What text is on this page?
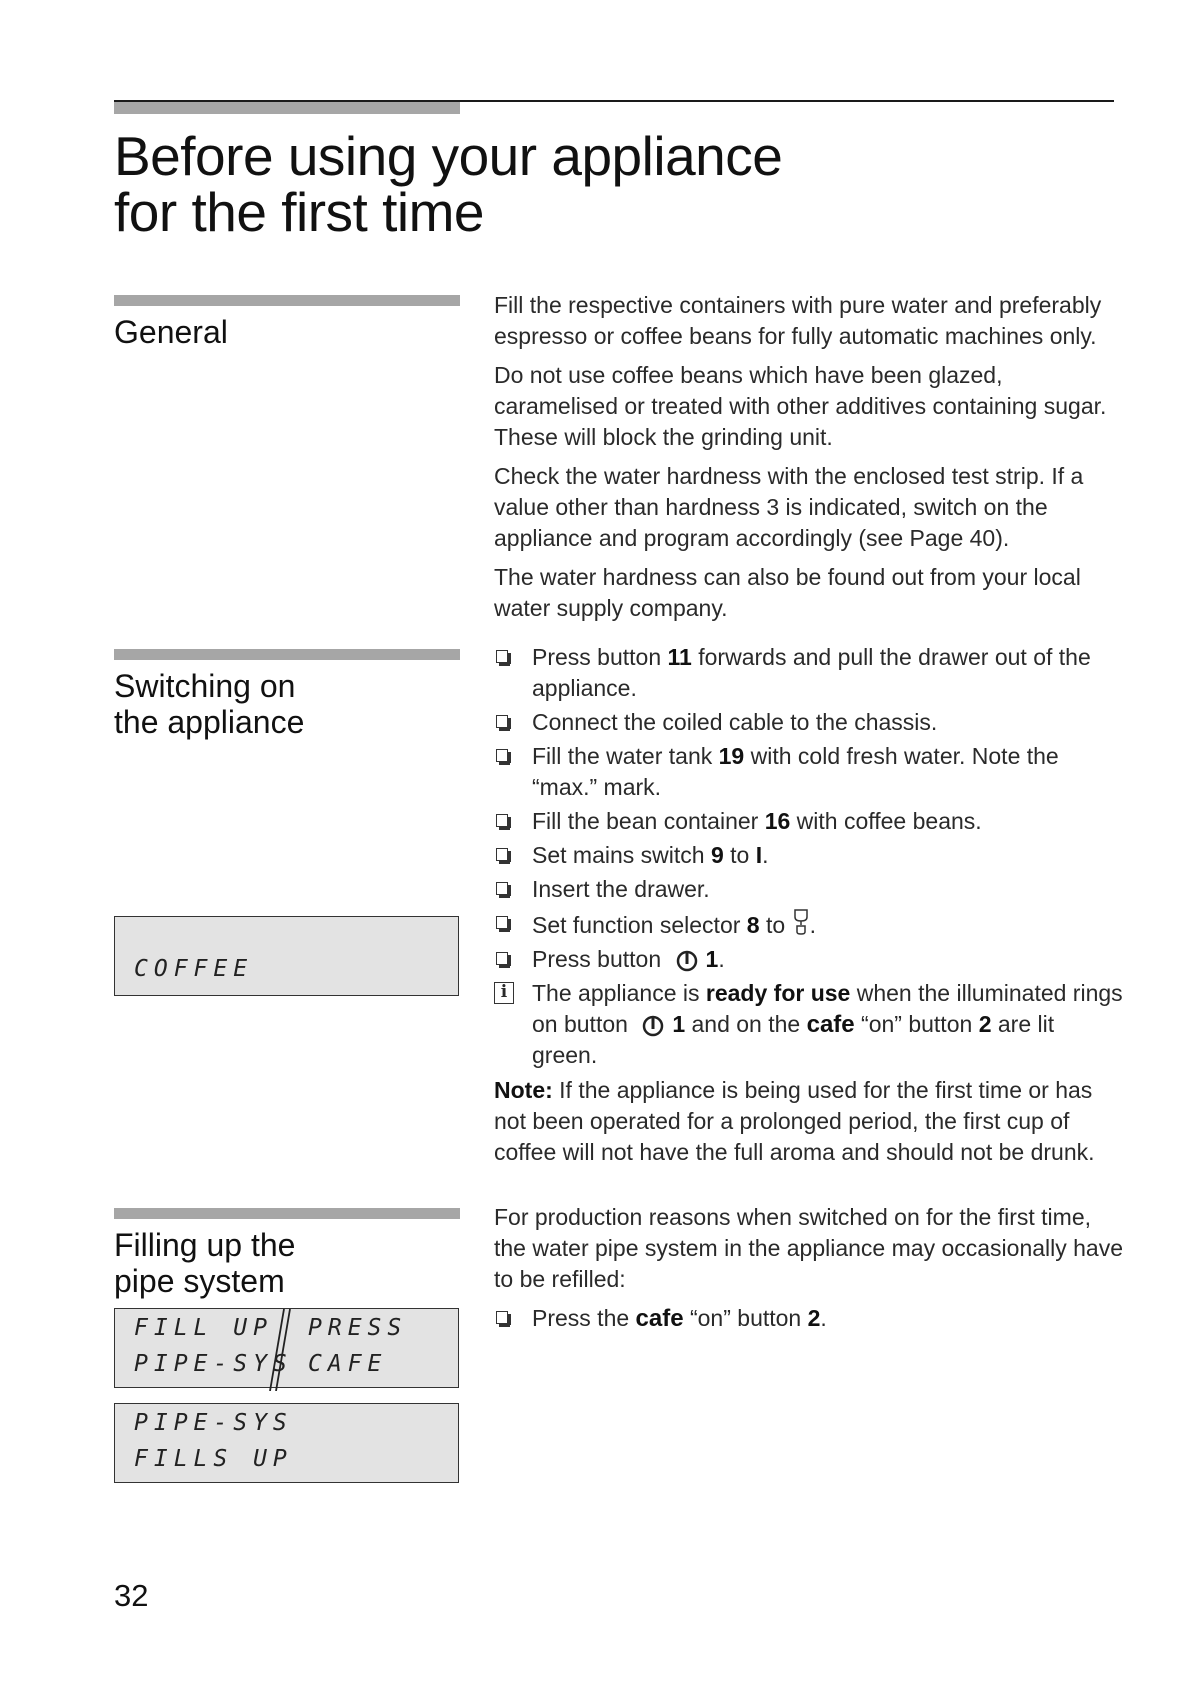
Before using your appliance
for the first time
General

Fill the respective containers with pure water and preferably espresso or coffee beans for fully automatic machines only.

Do not use coffee beans which have been glazed, caramelised or treated with other additives containing sugar. These will block the grinding unit.

Check the water hardness with the enclosed test strip. If a value other than hardness 3 is indicated, switch on the appliance and program accordingly (see Page 40).

The water hardness can also be found out from your local water supply company.

Switching on
the appliance
COFFEE
Press button 11 forwards and pull the drawer out of the appliance.
Connect the coiled cable to the chassis.
Fill the water tank 19 with cold fresh water. Note the “max.” mark.
Fill the bean container 16 with coffee beans.
Set mains switch 9 to I.
Insert the drawer.
Set function selector 8 to .
Press button 1.
i The appliance is ready for use when the illuminated rings on button 1 and on the cafe “on” button 2 are lit green.

Note: If the appliance is being used for the first time or has not been operated for a prolonged period, the first cup of coffee will not have the full aroma and should not be drunk.

Filling up the
pipe system
FILL UP
PIPE-SYS
PRESS
CAFE
PIPE-SYS
FILLS UP

For production reasons when switched on for the first time, the water pipe system in the appliance may occasionally have to be refilled:

Press the cafe “on” button 2.
32
